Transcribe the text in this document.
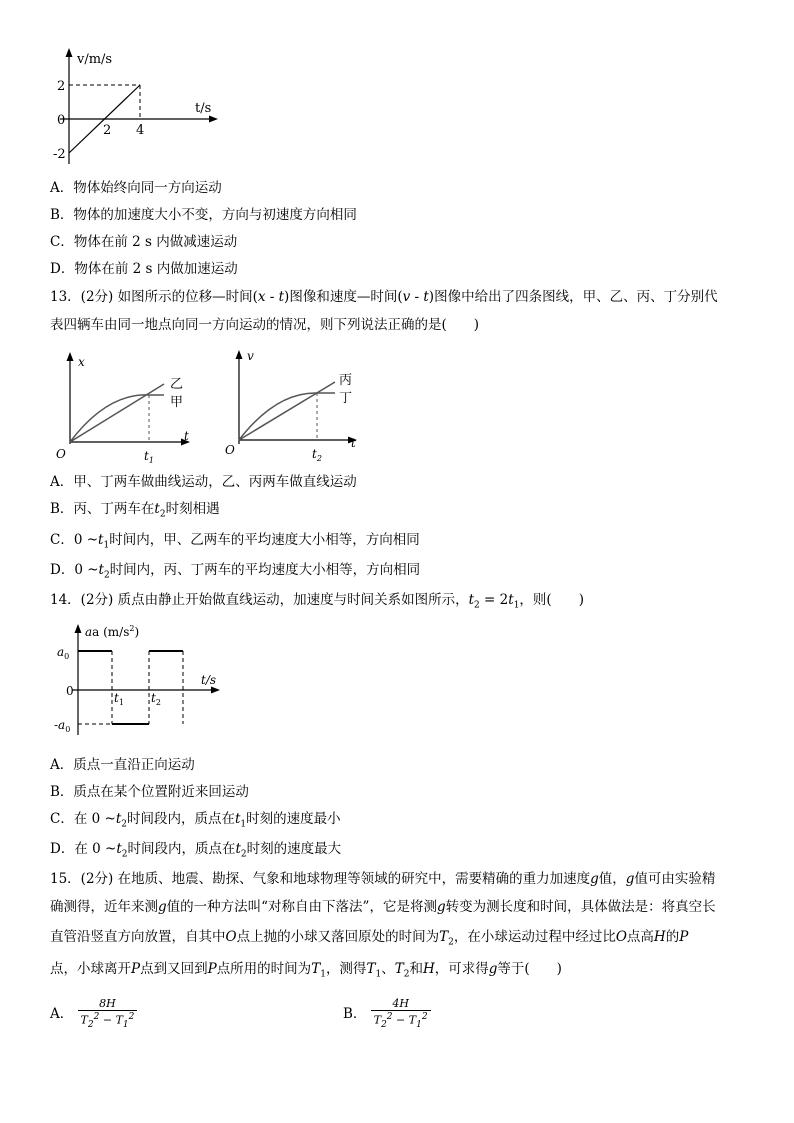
v/m/s
t/s
2
0
-2
2 4
A．物体始终向同一方向运动
B．物体的加速度大小不变，方向与初速度方向相同
C．物体在前 2 s 内做减速运动
D．物体在前 2 s 内做加速运动
13．(2分) 如图所示的位移—时间(x - t)图像和速度—时间(v - t)图像中给出了四条图线，甲、乙、丙、丁分别代
表四辆车由同一地点向同一方向运动的情况，则下列说法正确的是(　　)
x
t
O	$t_1$
乙
甲
v
t
O	$t_2$
丙
丁
A．甲、丁两车做曲线运动，乙、丙两车做直线运动
B．丙、丁两车在$t_2$时刻相遇
C．0 $\sim t_1$时间内，甲、乙两车的平均速度大小相等，方向相同
D．0 $\sim t_2$时间内，丙、丁两车的平均速度大小相等，方向相同
14．(2分) 质点由静止开始做直线运动，加速度与时间关系如图所示，$t_2 = 2t_1$，则(　　)
aa $(m/s^2)$
t/s
$a_0$
0
$-a_0$
$t_1$ $t_2$
A．质点一直沿正向运动
B．质点在某个位置附近来回运动
C．在 0 $\sim t_2$时间段内，质点在$t_1$时刻的速度最小
D．在 0 $\sim t_2$时间段内，质点在$t_2$时刻的速度最大
15．(2分) 在地质、地震、勘探、气象和地球物理等领域的研究中，需要精确的重力加速度g值，g值可由实验精
确测得，近年来测g值的一种方法叫“对称自由下落法”，它是将测g转变为测长度和时间，具体做法是：将真空长
直管沿竖直方向放置，自其中O点上抛的小球又落回原处的时间为$T_2$，在小球运动过程中经过比O点高H的P
点，小球离开P点到又回到P点所用的时间为$T_1$，测得$T_1$、$T_2$和H，可求得g等于(　　)
A． $\frac{8H}{T_2^2 - T_1^2}$	B． $\frac{4H}{T_2^2 - T_1^2}$
